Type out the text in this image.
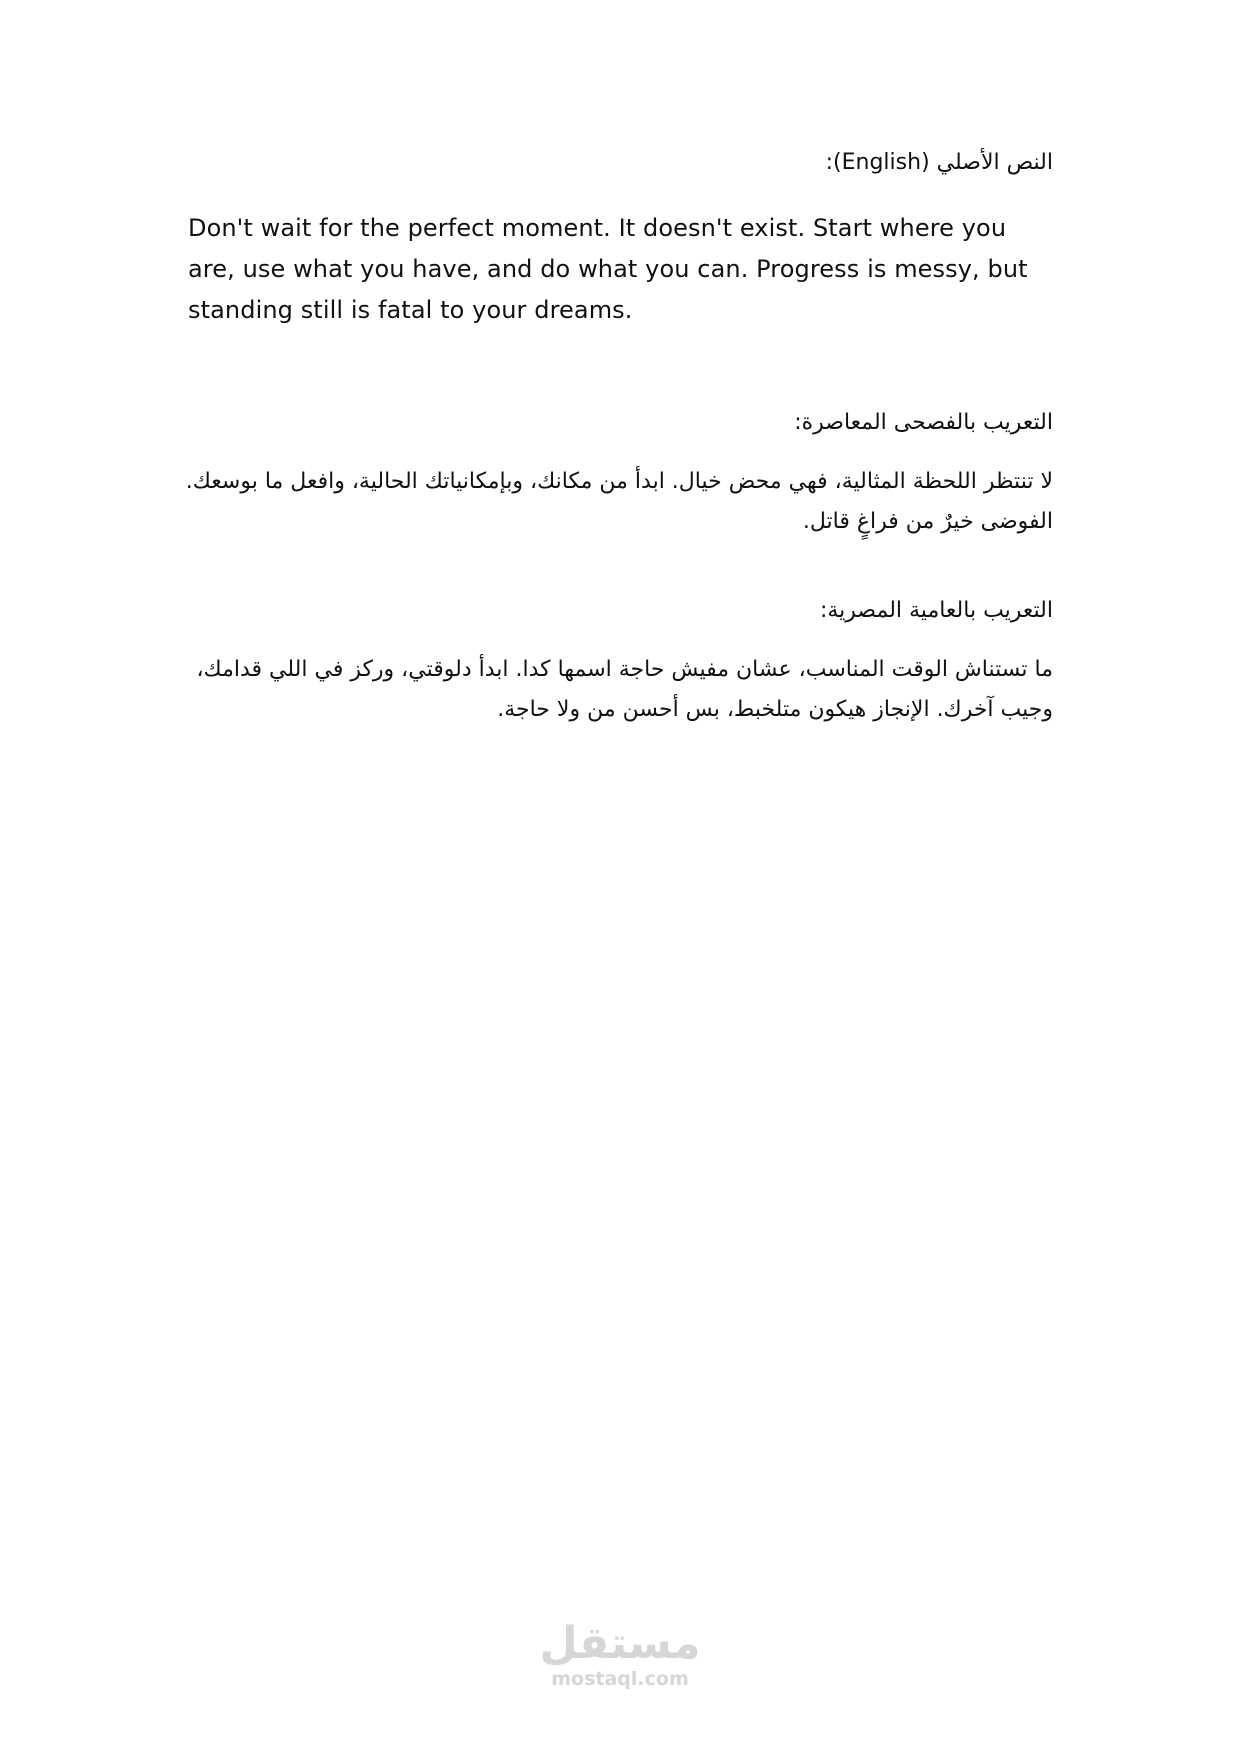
النص الأصلي (English):
Don't wait for the perfect moment. It doesn't exist. Start where you are, use what you have, and do what you can. Progress is messy, but standing still is fatal to your dreams.
التعريب بالفصحى المعاصرة:
لا تنتظر اللحظة المثالية، فهي محض خيال. ابدأ من مكانك، وبإمكانياتك الحالية، وافعل ما بوسعك. الفوضى خيرٌ من فراغٍ قاتل.
التعريب بالعامية المصرية:
ما تستناش الوقت المناسب، عشان مفيش حاجة اسمها كدا. ابدأ دلوقتي، وركز في اللي قدامك، وجيب آخرك. الإنجاز هيكون متلخبط، بس أحسن من ولا حاجة.
مستقل
mostaql.com
